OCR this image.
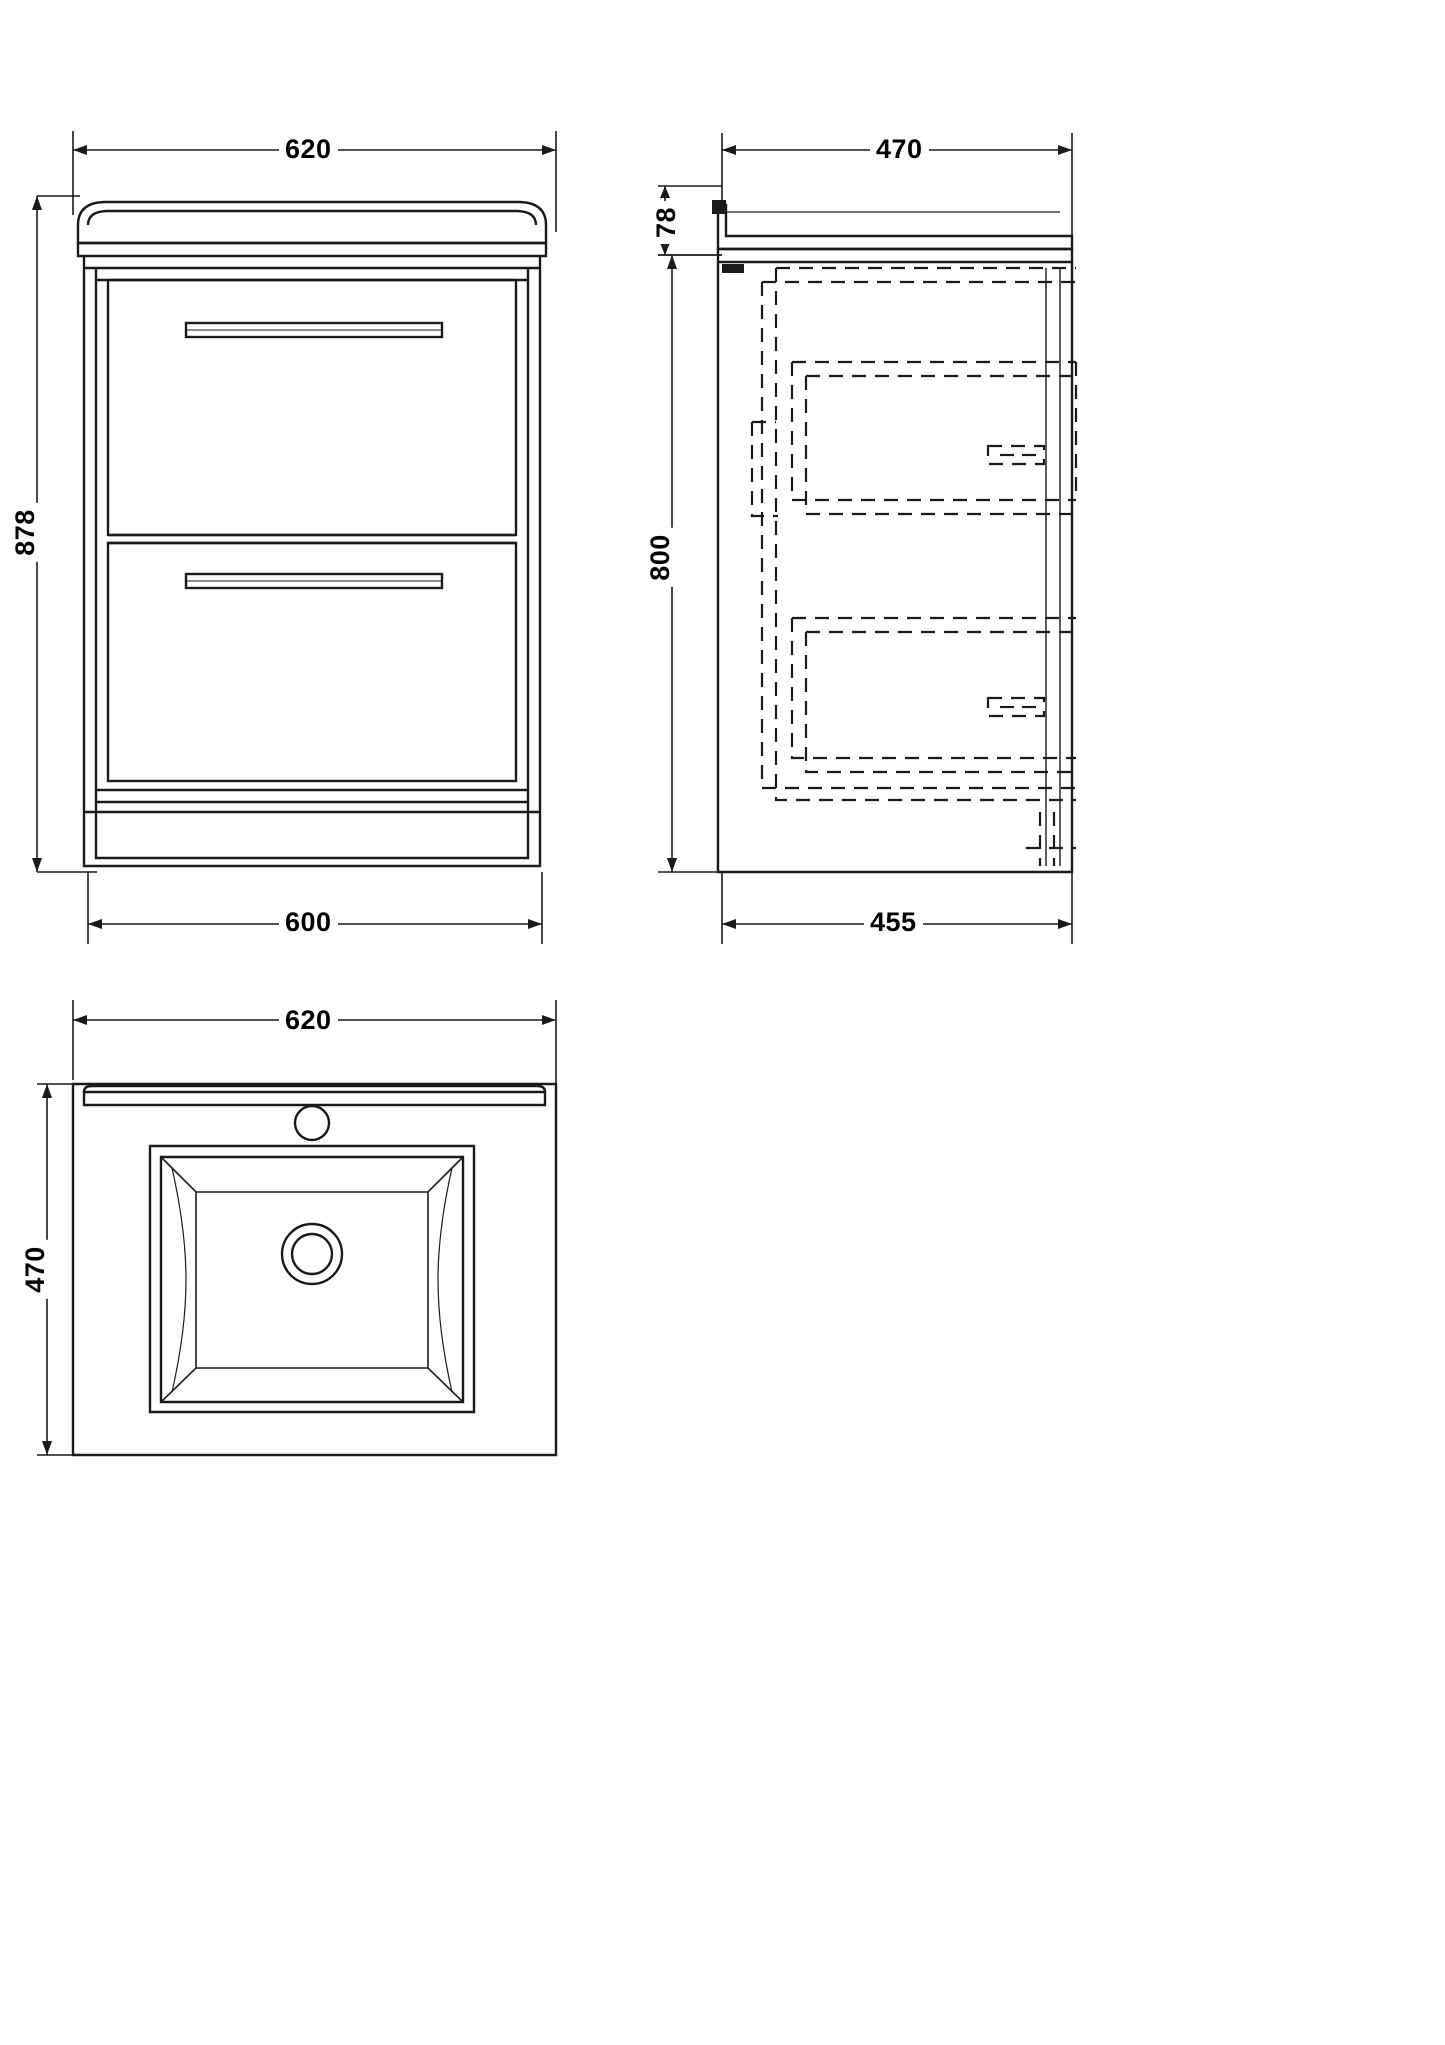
620
878
600
470
78
800
455
620
470
